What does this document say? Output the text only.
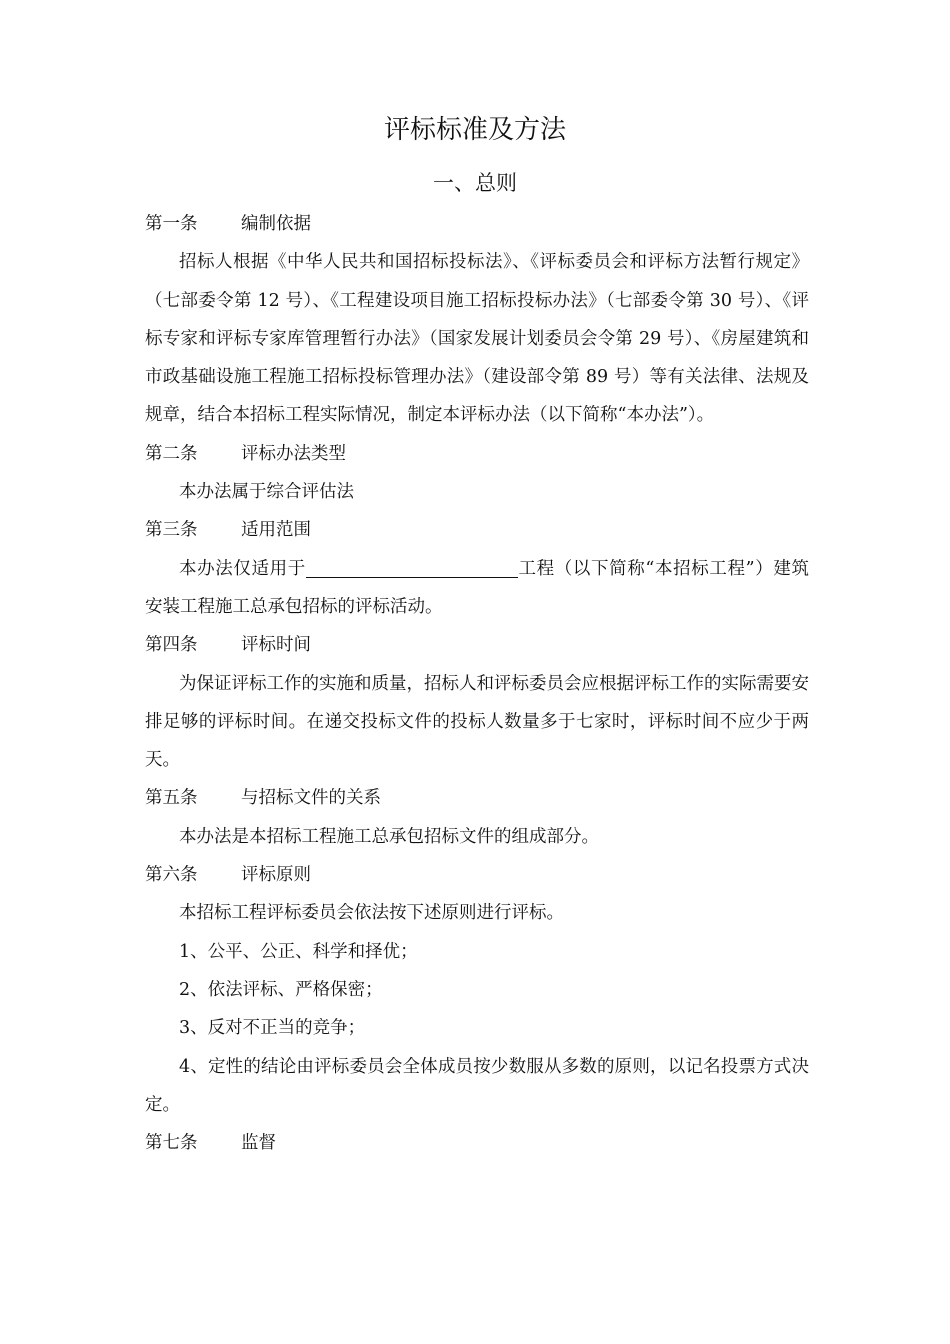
评标标准及方法
一、总则
第一条 编制依据
招标人根据《中华人民共和国招标投标法》、《评标委员会和评标方法暂行规定》（七部委令第 12 号）、《工程建设项目施工招标投标办法》（七部委令第 30 号）、《评标专家和评标专家库管理暂行办法》（国家发展计划委员会令第 29 号）、《房屋建筑和市政基础设施工程施工招标投标管理办法》（建设部令第 89 号）等有关法律、法规及规章，结合本招标工程实际情况，制定本评标办法（以下简称“本办法”）。
第二条 评标办法类型
本办法属于综合评估法
第三条 适用范围
本办法仅适用于	工程（以下简称“本招标工程”）建筑安装工程施工总承包招标的评标活动。
第四条 评标时间
为保证评标工作的实施和质量，招标人和评标委员会应根据评标工作的实际需要安排足够的评标时间。在递交投标文件的投标人数量多于七家时，评标时间不应少于两天。
第五条 与招标文件的关系
本办法是本招标工程施工总承包招标文件的组成部分。
第六条 评标原则
本招标工程评标委员会依法按下述原则进行评标。
1、公平、公正、科学和择优；
2、依法评标、严格保密；
3、反对不正当的竞争；
4、定性的结论由评标委员会全体成员按少数服从多数的原则，以记名投票方式决定。
第七条 监督
